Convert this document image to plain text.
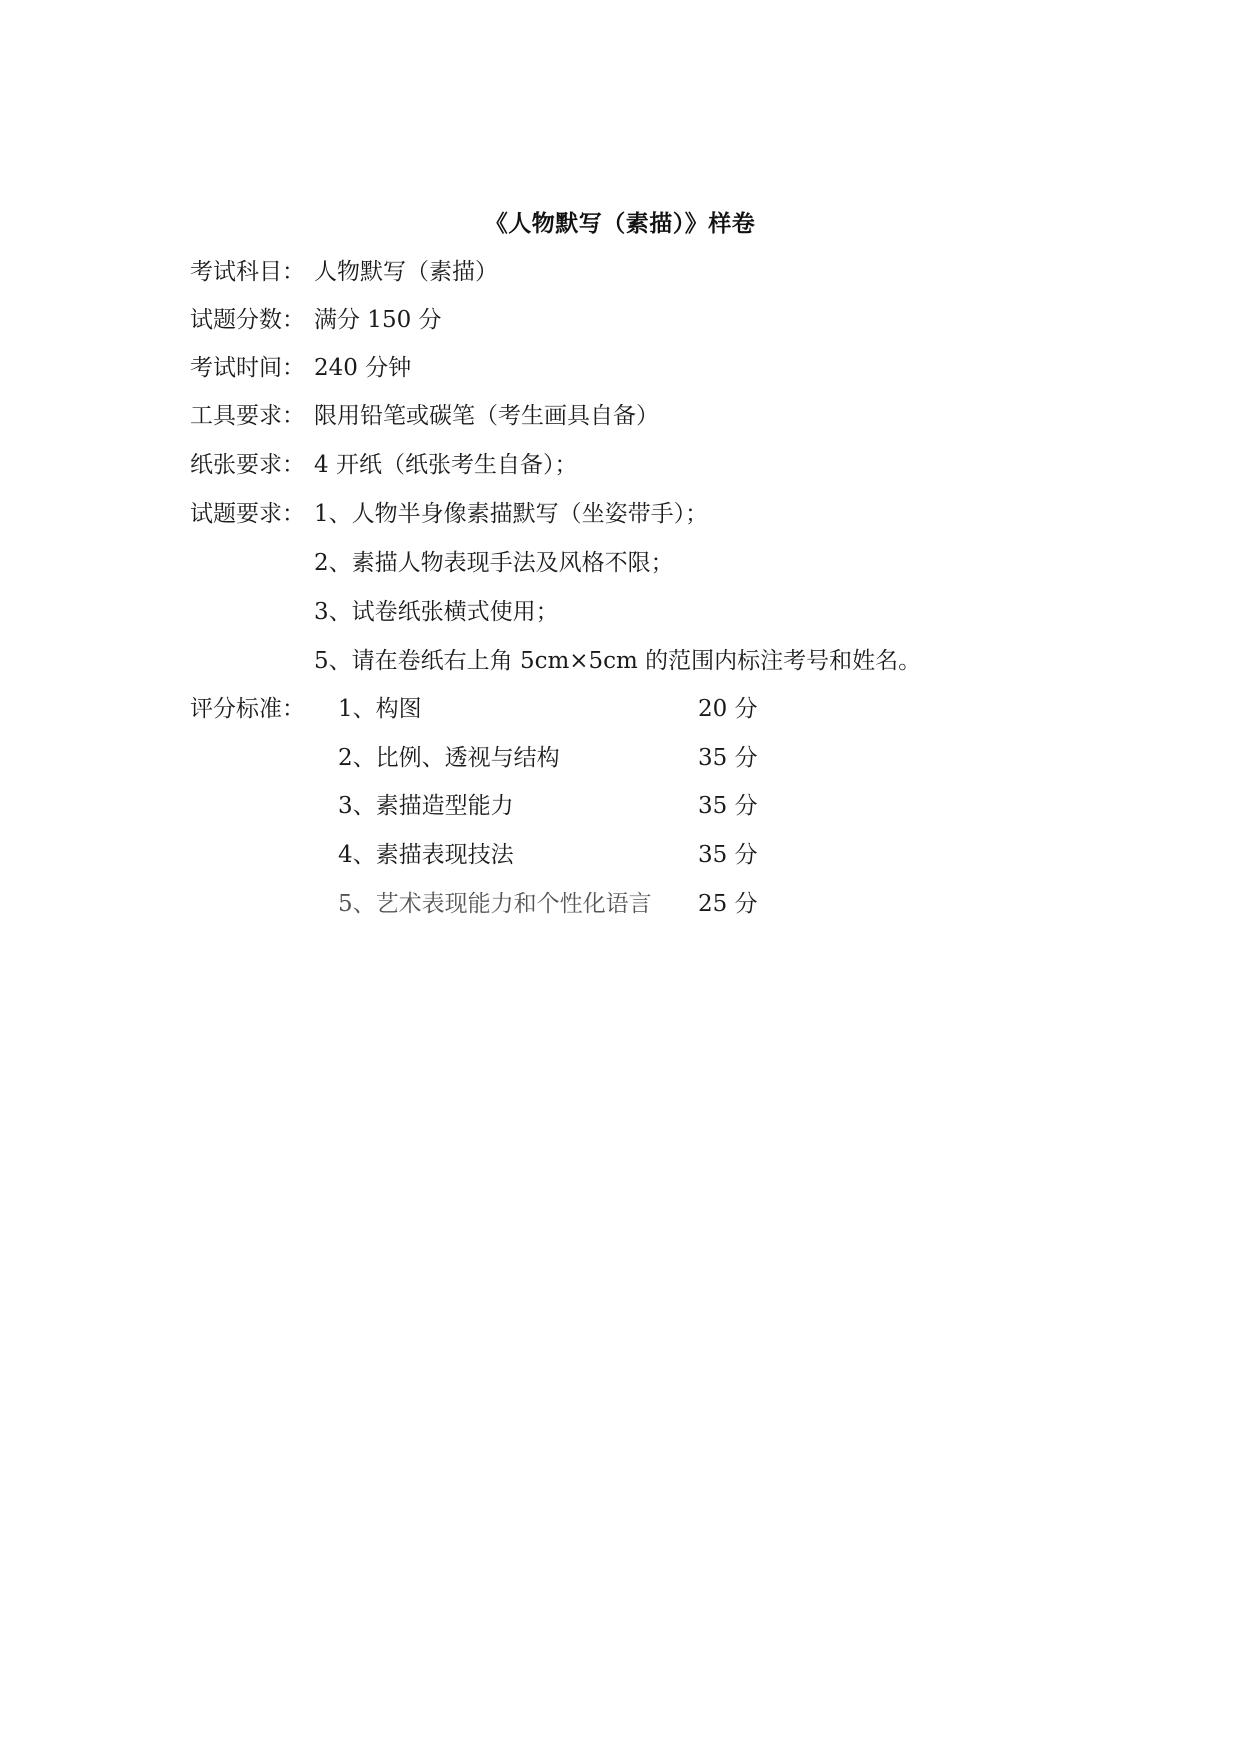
《人物默写（素描）》样卷
考试科目： 人物默写（素描）
试题分数： 满分 150 分
考试时间： 240 分钟
工具要求： 限用铅笔或碳笔（考生画具自备）
纸张要求： 4 开纸（纸张考生自备）；
试题要求： 1、人物半身像素描默写（坐姿带手）；
2、素描人物表现手法及风格不限；
3、试卷纸张横式使用；
5、请在卷纸右上角 5cm×5cm 的范围内标注考号和姓名。
评分标准： 1、构图	20 分
2、比例、透视与结构	35 分
3、素描造型能力	35 分
4、素描表现技法	35 分
5、艺术表现能力和个性化语言 25 分
